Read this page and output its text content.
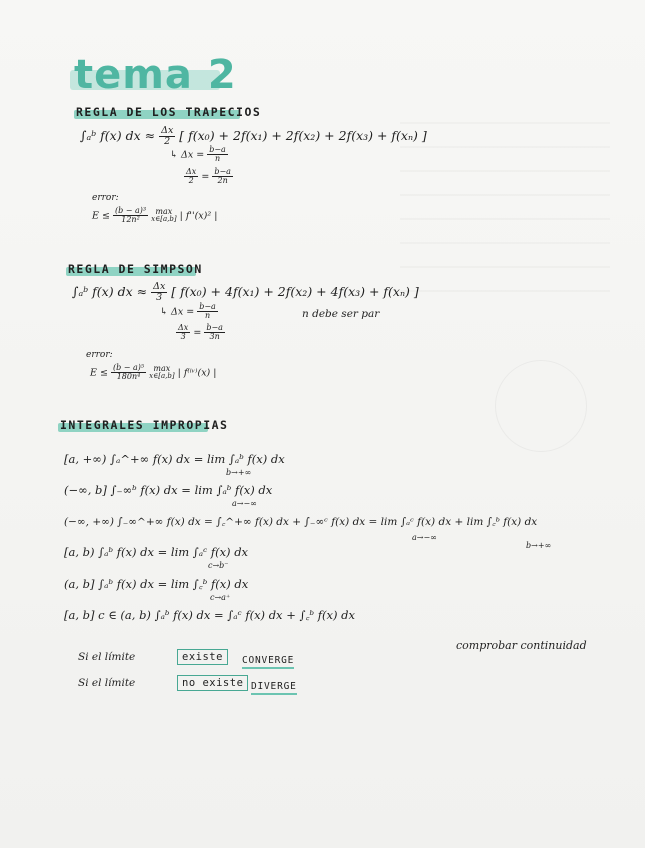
tema 2
REGLA DE LOS TRAPECIOS
∫ₐᵇ f(x) dx ≈ $\frac{\Delta x}{2}$ [ f(x₀) + 2f(x₁) + 2f(x₂) + 2f(x₃) + f(xₙ) ]
↳ $\Delta x = \frac{b-a}{n}$
$\frac{\Delta x}{2} = \frac{b-a}{2n}$
error:
$E \le \frac{\text{(b − a)³}}{\text{12n²}}$
max
x∈[a,b] | f''(x)² |
REGLA DE SIMPSON
∫ₐᵇ f(x) dx ≈ $\frac{\Delta x}{3}$ [ f(x₀) + 4f(x₁) + 2f(x₂) + 4f(x₃) + f(xₙ) ]
↳ $\Delta x = \frac{b-a}{n}$	n debe ser par
$\frac{\Delta x}{3} = \frac{b-a}{3n}$
error:
$E \le \frac{\text{(b − a)⁵}}{\text{180n⁴}}$
max
x∈[a,b] | f⁽ⁱᵛ⁾(x) |
INTEGRALES IMPROPIAS
[a, +∞) ∫ₐ^+∞ f(x) dx = lim ∫ₐᵇ f(x) dx
b→+∞
(−∞, b] ∫₋∞ᵇ f(x) dx = lim ∫ₐᵇ f(x) dx
a→−∞
(−∞, +∞) ∫₋∞^+∞ f(x) dx = ∫꜀^+∞ f(x) dx + ∫₋∞ᶜ f(x) dx = lim ∫ₐᶜ f(x) dx + lim ∫꜀ᵇ f(x) dx
a→−∞
b→+∞
[a, b) ∫ₐᵇ f(x) dx = lim ∫ₐᶜ f(x) dx
c→b⁻
(a, b] ∫ₐᵇ f(x) dx = lim ∫꜀ᵇ f(x) dx
c→a⁺
[a, b] c ∈ (a, b) ∫ₐᵇ f(x) dx = ∫ₐᶜ f(x) dx + ∫꜀ᵇ f(x) dx
comprobar continuidad
Si el límite	existe	CONVERGE
Si el límite	no existe DIVERGE
